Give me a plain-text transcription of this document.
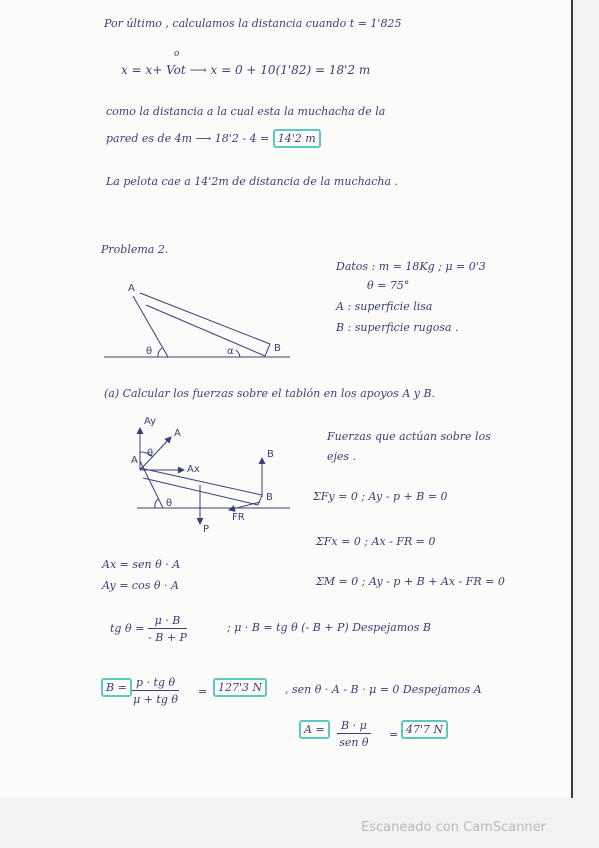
Por último , calculamos la distancia cuando t = 1'825
o
x = x+ Vot ⟶ x = 0 + 10(1'82) = 18'2 m
como la distancia a la cual esta la muchacha de la
pared es de 4m ⟶ 18'2 - 4 = 14'2 m
La pelota cae a 14'2m de distancia de la muchacha .
Problema 2.
Datos : m = 18Kg ; μ = 0'3
θ = 75°
A : superficie lisa
B : superficie rugosa .
A
B
θ	α
(a) Calcular los fuerzas sobre el tablón en los apoyos A y B.
Fuerzas que actúan sobre los
ejes .
Ay
A
A
θ
Ax
B
B
θ
P
FR
ΣFy = 0 ; Ay - p + B = 0
ΣFx = 0 ; Ax - FR = 0
Ax = sen θ · A
Ay = cos θ · A	ΣM = 0 ; Ay - p + B + Ax - FR = 0
tg $\theta = \frac{\mu \cdot B}{- B + P}$	; μ · B = tg θ (- B + P) Despejamos B
$B = \frac{\text{p · tg θ}}{\text{μ + tg θ}} = 127'3$ N	, sen θ · A - B · μ = 0 Despejamos A
A =	B · μ
sen θ
= 47'7 N
Escaneado con CamScanner
